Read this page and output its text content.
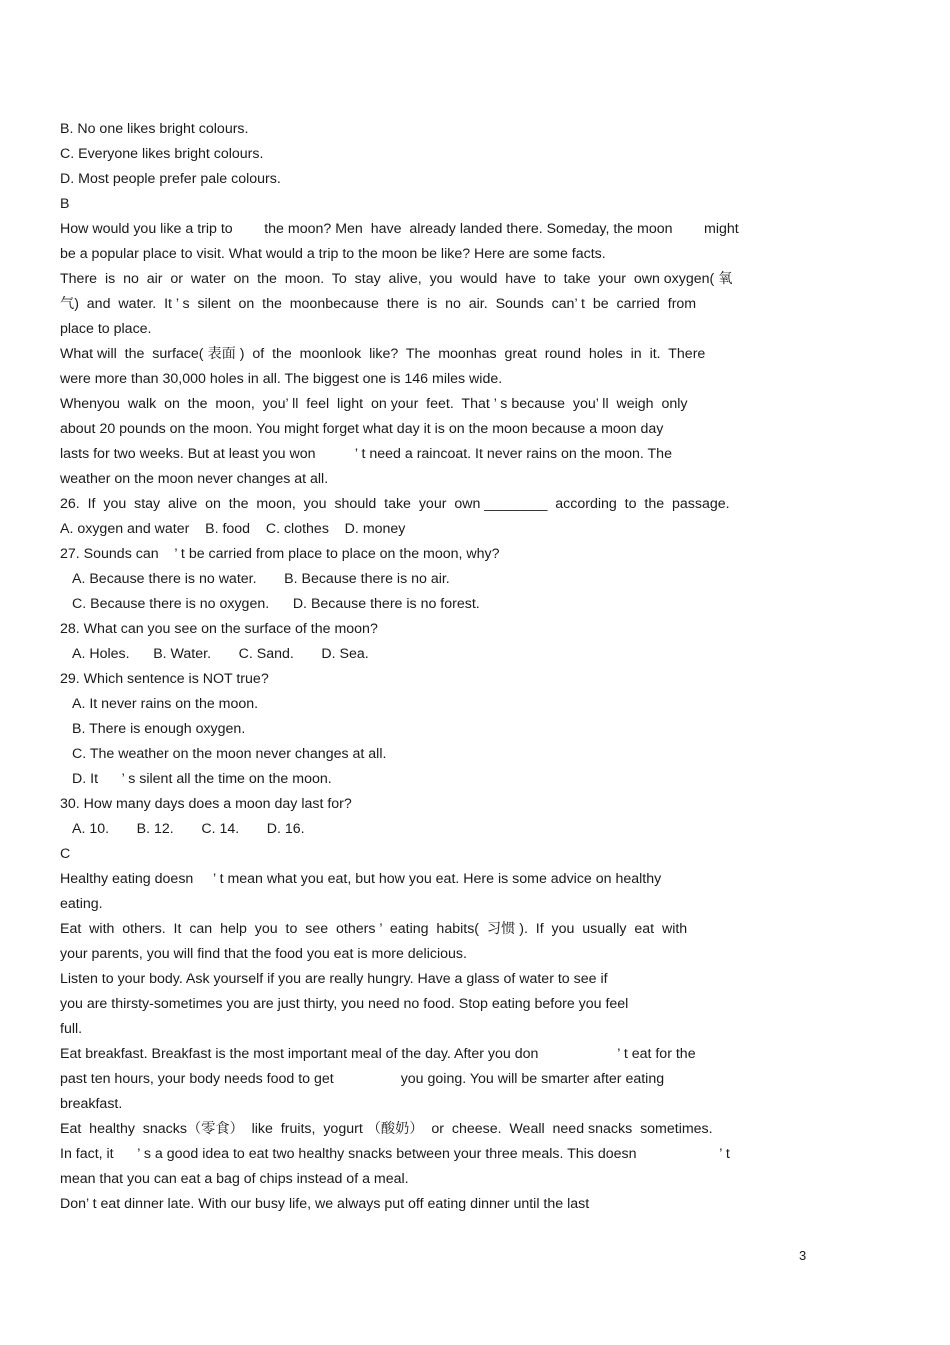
B. No one likes bright colours.
C. Everyone likes bright colours.
D. Most people prefer pale colours.
B
How would you like a trip to        the moon? Men  have  already landed there. Someday, the moon        might
be a popular place to visit. What would a trip to the moon be like? Here are some facts.
There  is  no  air  or  water  on  the  moon.  To  stay  alive,  you  would  have  to  take  your  own oxygen( 氧
气)  and  water.  It ’ s  silent  on  the  moonbecause  there  is  no  air.  Sounds  can’ t  be  carried  from
place to place.
What will  the  surface( 表面 )  of  the  moonlook  like?  The  moonhas  great  round  holes  in  it.  There
were more than 30,000 holes in all. The biggest one is 146 miles wide.
Whenyou  walk  on  the  moon,  you’ ll  feel  light  on your  feet.  That ’ s because  you’ ll  weigh  only
about 20 pounds on the moon. You might forget what day it is on the moon because a moon day
lasts for two weeks. But at least you won          ’ t need a raincoat. It never rains on the moon. The
weather on the moon never changes at all.
26.  If  you  stay  alive  on  the  moon,  you  should  take  your  own ________  according  to  the  passage.
A. oxygen and water    B. food    C. clothes    D. money
27. Sounds can    ’ t be carried from place to place on the moon, why?
A. Because there is no water.       B. Because there is no air.
C. Because there is no oxygen.      D. Because there is no forest.
28. What can you see on the surface of the moon?
A. Holes.      B. Water.       C. Sand.       D. Sea.
29. Which sentence is NOT true?
A. It never rains on the moon.
B. There is enough oxygen.
C. The weather on the moon never changes at all.
D. It      ’ s silent all the time on the moon.
30. How many days does a moon day last for?
A. 10.       B. 12.       C. 14.       D. 16.
C
Healthy eating doesn     ’ t mean what you eat, but how you eat. Here is some advice on healthy
eating.
Eat  with  others.  It  can  help  you  to  see  others ’  eating  habits(  习惯 ).  If  you  usually  eat  with
your parents, you will find that the food you eat is more delicious.
Listen to your body. Ask yourself if you are really hungry. Have a glass of water to see if
you are thirsty-sometimes you are just thirty, you need no food. Stop eating before you feel
full.
Eat breakfast. Breakfast is the most important meal of the day. After you don                    ’ t eat for the
past ten hours, your body needs food to get                 you going. You will be smarter after eating
breakfast.
Eat  healthy  snacks（零食）  like  fruits,  yogurt （酸奶）  or  cheese.  Weall  need snacks  sometimes.
In fact, it      ’ s a good idea to eat two healthy snacks between your three meals. This doesn                     ’ t
mean that you can eat a bag of chips instead of a meal.
Don’ t eat dinner late. With our busy life, we always put off eating dinner until the last
3
